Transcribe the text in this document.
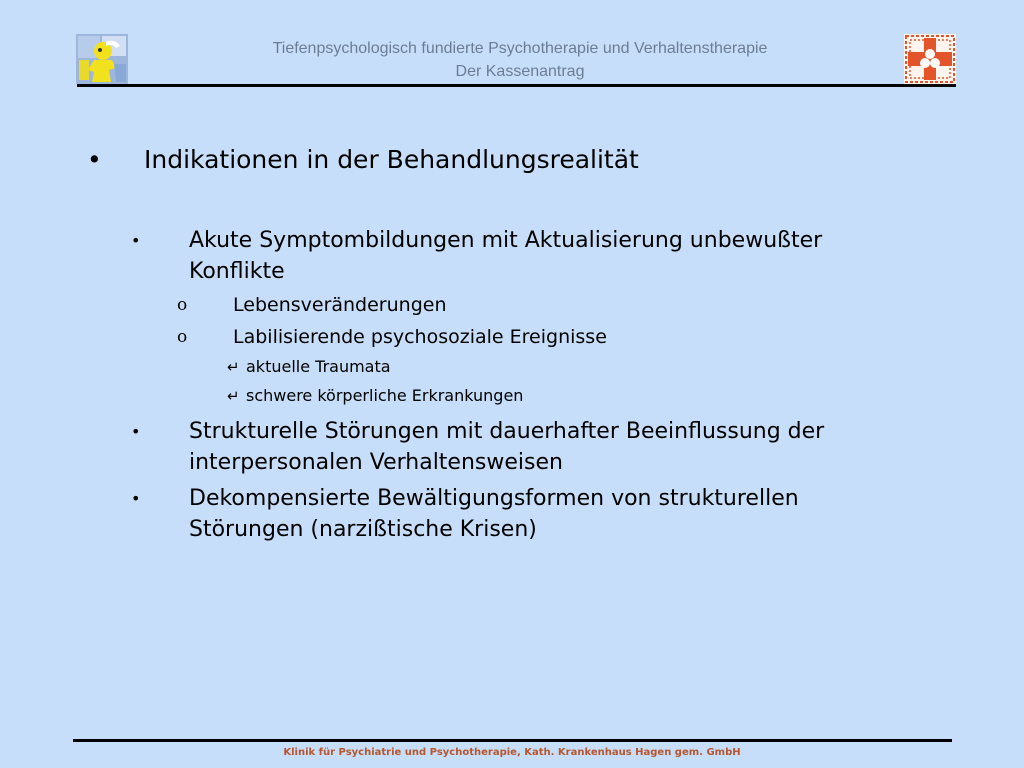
Tiefenpsychologisch fundierte Psychotherapie und Verhaltenstherapie
Der Kassenantrag
• Indikationen in der Behandlungsrealität
• Akute Symptombildungen mit Aktualisierung unbewußter
Konflikte
o Lebensveränderungen
o Labilisierende psychosoziale Ereignisse
↵ aktuelle Traumata
↵ schwere körperliche Erkrankungen
• Strukturelle Störungen mit dauerhafter Beeinflussung der
interpersonalen Verhaltensweisen
• Dekompensierte Bewältigungsformen von strukturellen
Störungen (narzißtische Krisen)
Klinik für Psychiatrie und Psychotherapie, Kath. Krankenhaus Hagen gem. GmbH
